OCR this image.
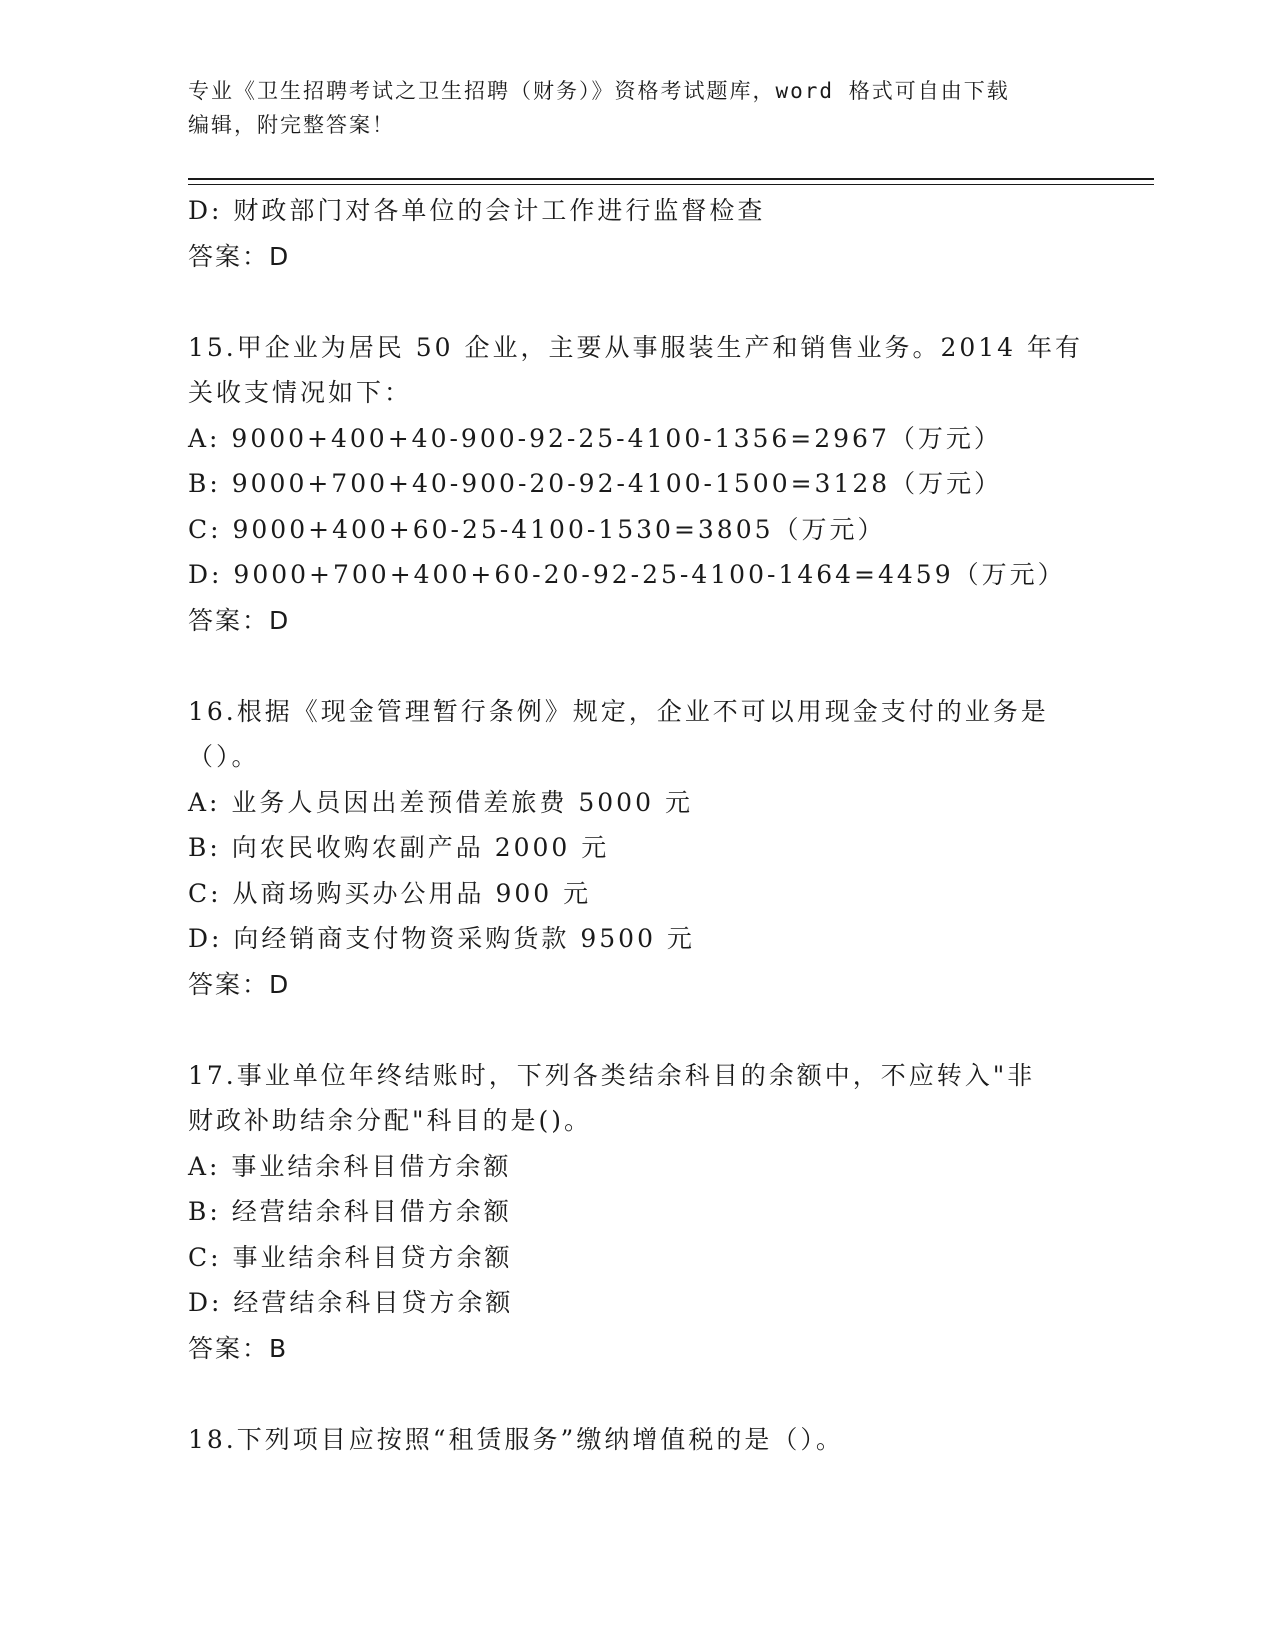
专业《卫生招聘考试之卫生招聘（财务）》资格考试题库，word 格式可自由下载
编辑，附完整答案！
D: 财政部门对各单位的会计工作进行监督检查
答案：D
15.甲企业为居民 50 企业，主要从事服装生产和销售业务。2014 年有
关收支情况如下：
A: 9000+400+40-900-92-25-4100-1356=2967（万元）
B: 9000+700+40-900-20-92-4100-1500=3128（万元）
C: 9000+400+60-25-4100-1530=3805（万元）
D: 9000+700+400+60-20-92-25-4100-1464=4459（万元）
答案：D
16.根据《现金管理暂行条例》规定，企业不可以用现金支付的业务是
（）。
A: 业务人员因出差预借差旅费 5000 元
B: 向农民收购农副产品 2000 元
C: 从商场购买办公用品 900 元
D: 向经销商支付物资采购货款 9500 元
答案：D
17.事业单位年终结账时，下列各类结余科目的余额中，不应转入"非
财政补助结余分配"科目的是()。
A: 事业结余科目借方余额
B: 经营结余科目借方余额
C: 事业结余科目贷方余额
D: 经营结余科目贷方余额
答案：B
18.下列项目应按照“租赁服务”缴纳增值税的是（）。
